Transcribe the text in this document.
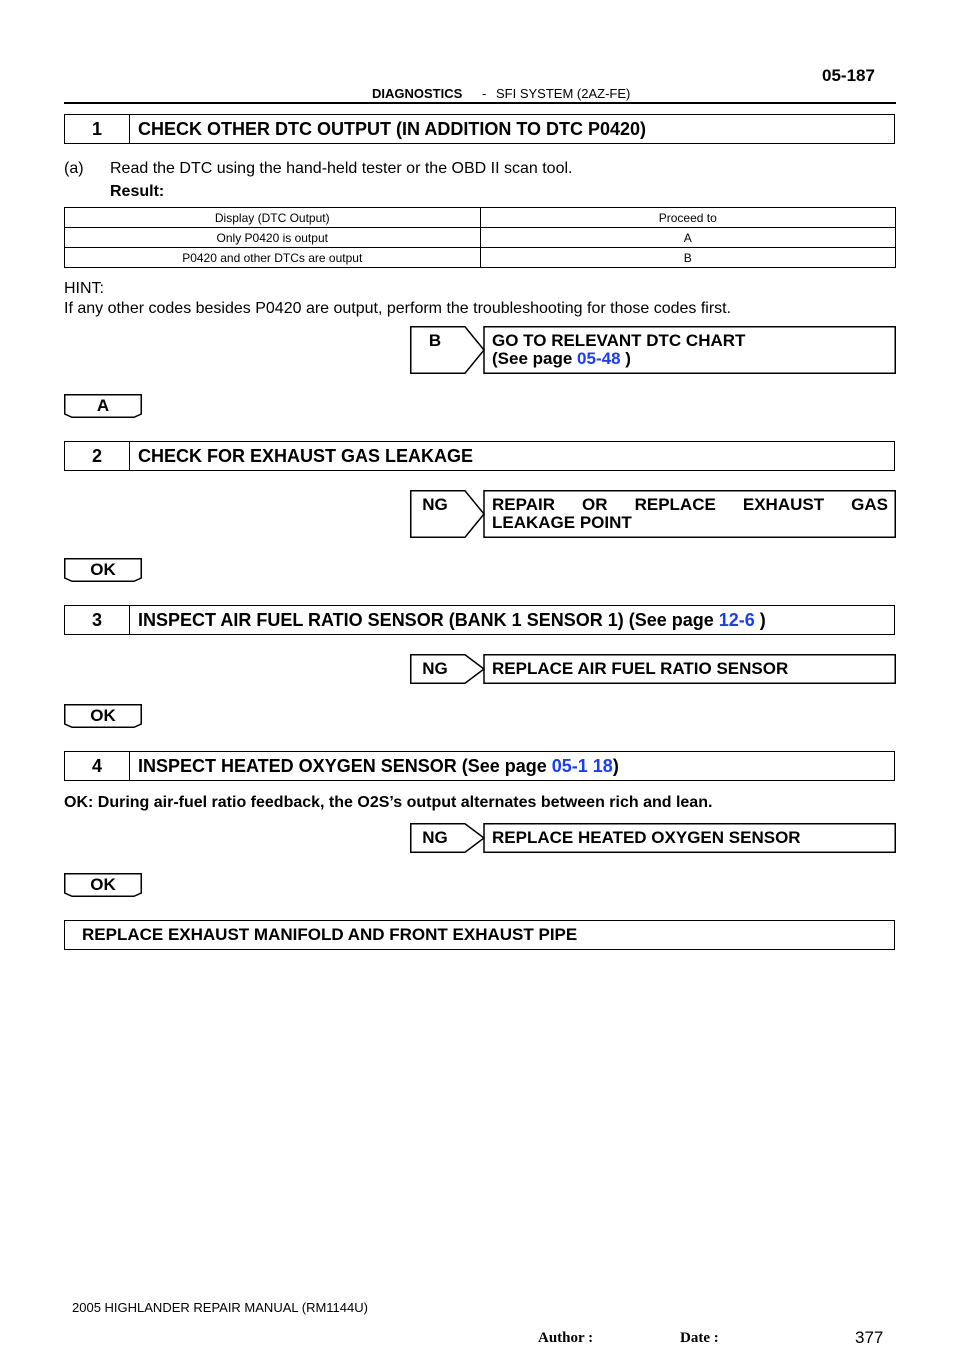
DIAGNOSTICS - SFI SYSTEM (2AZ-FE)
05-187
1	CHECK OTHER DTC OUTPUT (IN ADDITION TO DTC P0420)
(a) Read the DTC using the hand-held tester or the OBD II scan tool.
Result:
Display (DTC Output)	Proceed to
Only P0420 is output	A
P0420 and other DTCs are output	B
HINT:
If any other codes besides P0420 are output, perform the troubleshooting for those codes first.
B	GO TO RELEVANT DTC CHART
(See page 05-48 )
A
2	CHECK FOR EXHAUST GAS LEAKAGE
NG	REPAIR OR REPLACE EXHAUST GAS
LEAKAGE POINT
OK
3	INSPECT AIR FUEL RATIO SENSOR (BANK 1 SENSOR 1) (See page 12-6 )
NG	REPLACE AIR FUEL RATIO SENSOR
OK
4	INSPECT HEATED OXYGEN SENSOR (See page 05-1 18)
OK: During air-fuel ratio feedback, the O2S’s output alternates between rich and lean.
NG	REPLACE HEATED OXYGEN SENSOR
OK
REPLACE EXHAUST MANIFOLD AND FRONT EXHAUST PIPE
2005 HIGHLANDER REPAIR MANUAL (RM1144U)
Author :	Date :	377
